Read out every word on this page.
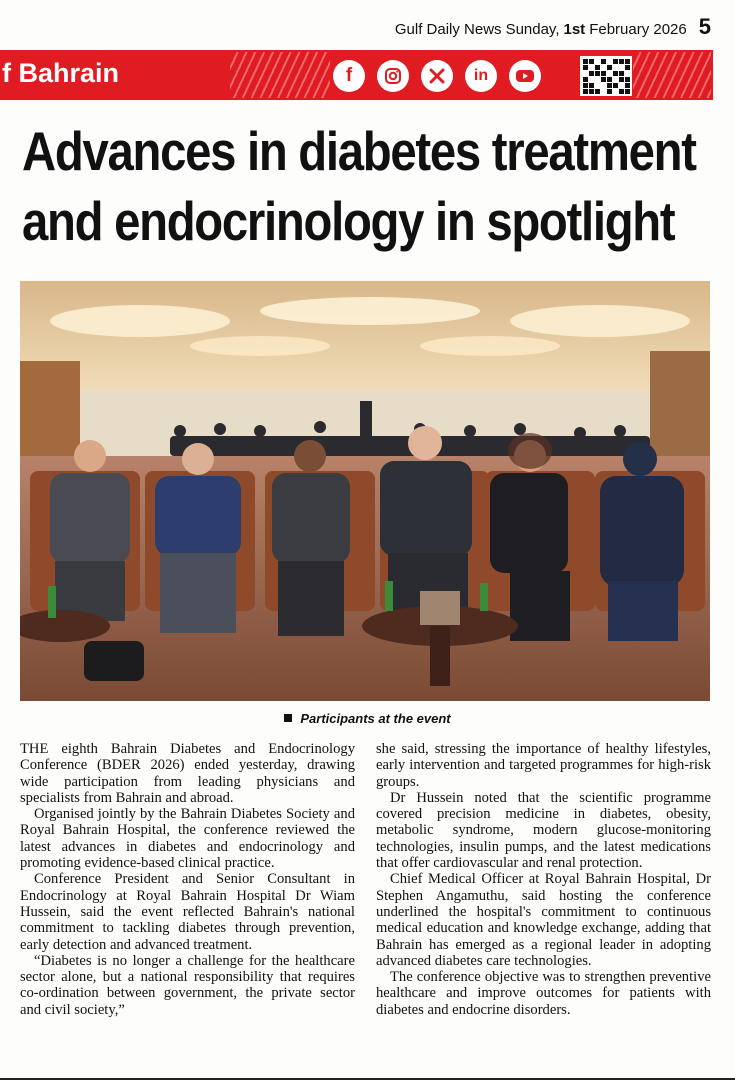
Gulf Daily News Sunday, 1st February 2026 5
f Bahrain	f	in
Advances in diabetes treatment
and endocrinology in spotlight
Participants at the event

THE eighth Bahrain Diabetes and Endocrinology Conference (BDER 2026) ended yesterday, drawing wide participation from leading physicians and specialists from Bahrain and abroad.

Organised jointly by the Bahrain Diabetes Society and Royal Bahrain Hospital, the conference reviewed the latest advances in diabetes and endocrinology and promoting evidence-based clinical practice.

Conference President and Senior Consultant in Endocrinology at Royal Bahrain Hospital Dr Wiam Hussein, said the event reflected Bahrain's national commitment to tackling diabetes through prevention, early detection and advanced treatment.

“Diabetes is no longer a challenge for the healthcare sector alone, but a national responsibility that requires co-ordination between government, the private sector and civil society,”

she said, stressing the importance of healthy lifestyles, early intervention and targeted programmes for high-risk groups.

Dr Hussein noted that the scientific programme covered precision medicine in diabetes, obesity, metabolic syndrome, modern glucose-monitoring technologies, insulin pumps, and the latest medications that offer cardiovascular and renal protection.

Chief Medical Officer at Royal Bahrain Hospital, Dr Stephen Angamuthu, said hosting the conference underlined the hospital's commitment to continuous medical education and knowledge exchange, adding that Bahrain has emerged as a regional leader in adopting advanced diabetes care technologies.

The conference objective was to strengthen preventive healthcare and improve outcomes for patients with diabetes and endocrine disorders.
